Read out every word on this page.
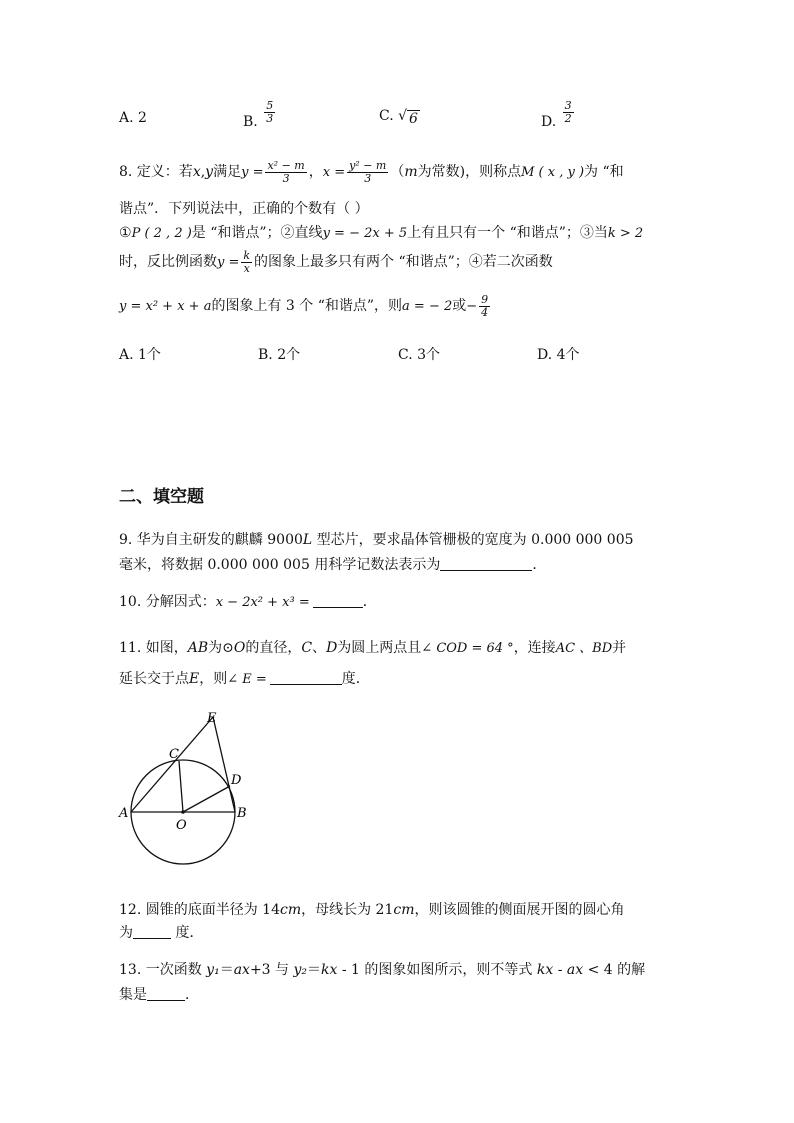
A. 2	B. $\frac{5}{3}$	C. √ 6	D. $\frac{3}{2}$
8. 定义：若x,y满足$y = \frac{\text{x² − m}}{3}$ ，$x = \frac{\text{y² − m}}{3} (m$为常数)，则称点M ( x , y )为 “和
谐点”．下列说法中，正确的个数有（ ）
①P ( 2 , 2 )是 “和谐点”；②直线y = − 2x + 5上有且只有一个 “和谐点”；③当k > 2
时，反比例函数$y = \frac{k}{x}$ 的图象上最多只有两个 “和谐点”；④若二次函数
y = x² + x + a的图象上有 3 个 “和谐点”，则a = − 2或− $\frac{9}{4}$
A. 1个	B. 2个	C. 3个	D. 4个
二、填空题
9. 华为自主研发的麒麟 9000L 型芯片，要求晶体管栅极的宽度为 0.000 000 005
毫米，将数据 0.000 000 005 用科学记数法表示为	．
10. 分解因式：x − 2x² + x³ =	．
11. 如图，AB为⊙O的直径，C、D为圆上两点且∠ COD = 64 °，连接AC 、BD并
延长交于点E，则∠ E =	度．
E
C
D
A
O
B
12. 圆锥的底面半径为 14cm，母线长为 21cm，则该圆锥的侧面展开图的圆心角
为	度．
13. 一次函数 y₁＝ax+3 与 y₂＝kx - 1 的图象如图所示，则不等式 kx - ax < 4 的解
集是	．
